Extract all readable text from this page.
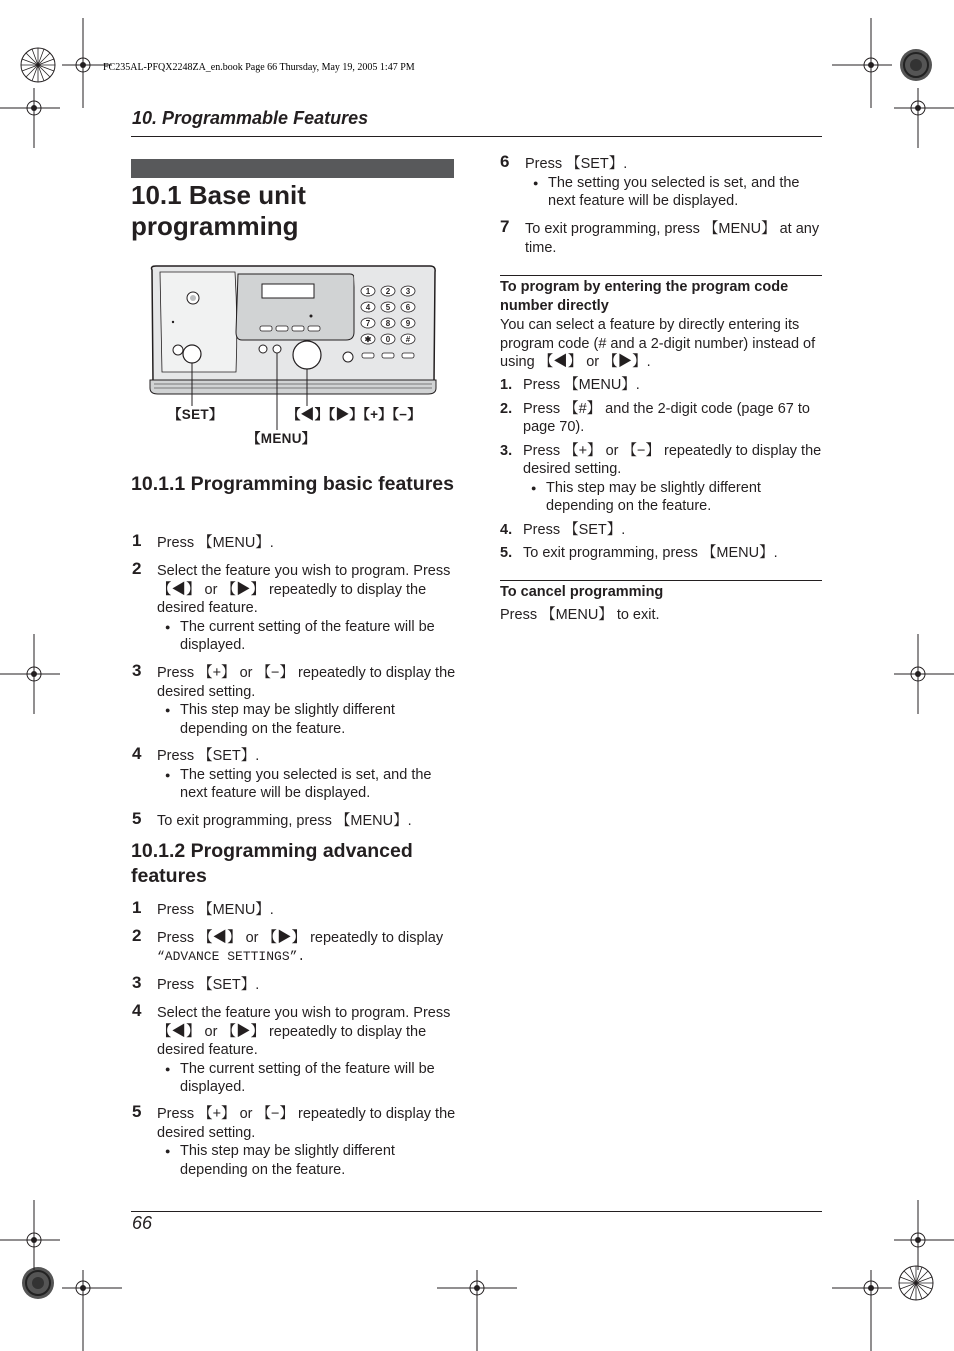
FC235AL-PFQX2248ZA_en.book Page 66 Thursday, May 19, 2005 1:47 PM
10. Programmable Features
10.1 Base unit programming
1 2 3
4 5 6
7 8 9
✱ 0 #
【SET】	【◀】【▶】【+】【−】
【MENU】
10.1.1 Programming basic features
1 Press 【MENU】.
2 Select the feature you wish to program. Press 【◀】 or 【▶】 repeatedly to display the desired feature.
● The current setting of the feature will be displayed.
3 Press 【+】 or 【−】 repeatedly to display the desired setting.
● This step may be slightly different depending on the feature.
4 Press 【SET】.
● The setting you selected is set, and the next feature will be displayed.
5 To exit programming, press 【MENU】.
10.1.2 Programming advanced features
1 Press 【MENU】.
2 Press 【◀】 or 【▶】 repeatedly to display
“ADVANCE SETTINGS”.
3 Press 【SET】.
4 Select the feature you wish to program. Press 【◀】 or 【▶】 repeatedly to display the desired feature.
● The current setting of the feature will be displayed.
5 Press 【+】 or 【−】 repeatedly to display the desired setting.
● This step may be slightly different depending on the feature.
6 Press 【SET】.
● The setting you selected is set, and the next feature will be displayed.
7 To exit programming, press 【MENU】 at any time.
To program by entering the program code number directly
You can select a feature by directly entering its program code (# and a 2-digit number) instead of using 【◀】 or 【▶】.
1. Press 【MENU】.
2. Press 【#】 and the 2-digit code (page 67 to page 70).
3. Press 【+】 or 【−】 repeatedly to display the desired setting.
● This step may be slightly different depending on the feature.
4. Press 【SET】.
5. To exit programming, press 【MENU】.
To cancel programming
Press 【MENU】 to exit.
66
